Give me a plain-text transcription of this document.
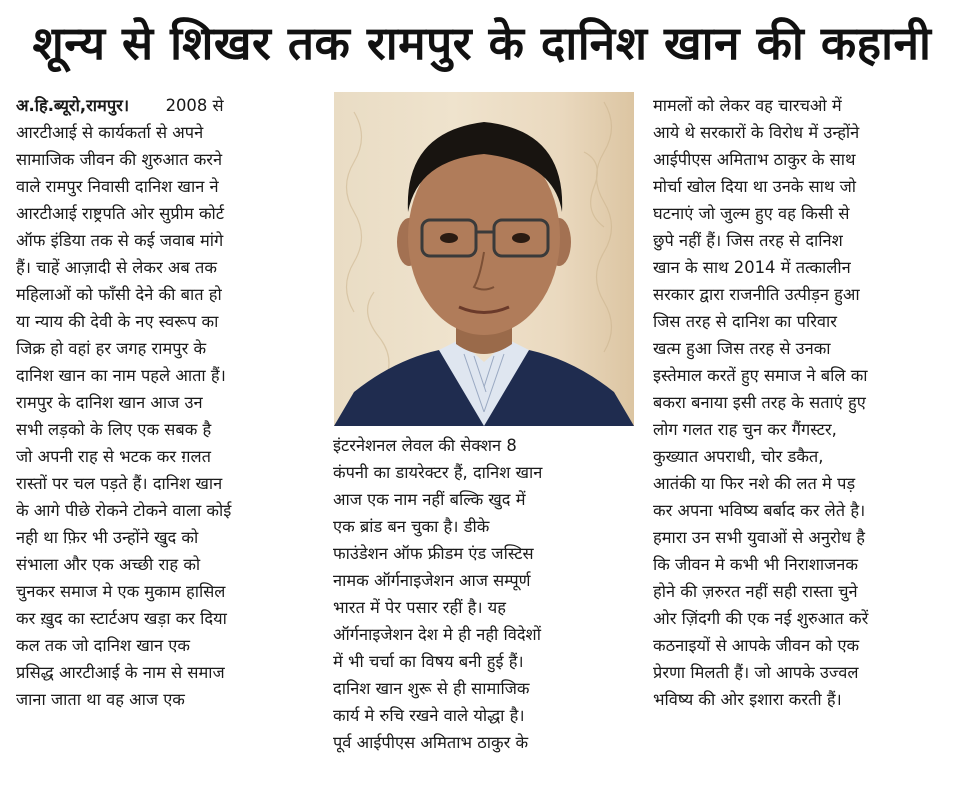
शून्य से शिखर तक रामपुर के दानिश खान की कहानी

अ.हि.ब्यूरो,रामपुर। 2008 से

आरटीआई से कार्यकर्ता से अपने

सामाजिक जीवन की शुरुआत करने

वाले रामपुर निवासी दानिश खान ने

आरटीआई राष्ट्रपति ओर सुप्रीम कोर्ट

ऑफ इंडिया तक से कई जवाब मांगे

हैं। चाहें आज़ादी से लेकर अब तक

महिलाओं को फाँसी देने की बात हो

या न्याय की देवी के नए स्वरूप का

जिक्र हो वहां हर जगह रामपुर के

दानिश खान का नाम पहले आता हैं।

रामपुर के दानिश खान आज उन

सभी लड़को के लिए एक सबक है

जो अपनी राह से भटक कर ग़लत

रास्तों पर चल पड़ते हैं। दानिश खान

के आगे पीछे रोकने टोकने वाला कोई

नही था फ़िर भी उन्होंने खुद को

संभाला और एक अच्छी राह को

चुनकर समाज मे एक मुकाम हासिल

कर ख़ुद का स्टार्टअप खड़ा कर दिया

कल तक जो दानिश खान एक

प्रसिद्ध आरटीआई के नाम से समाज

जाना जाता था वह आज एक

इंटरनेशनल लेवल की सेक्शन 8

कंपनी का डायरेक्टर हैं, दानिश खान

आज एक नाम नहीं बल्कि खुद में

एक ब्रांड बन चुका है। डीके

फाउंडेशन ऑफ फ्रीडम एंड जस्टिस

नामक ऑर्गनाइजेशन आज सम्पूर्ण

भारत में पेर पसार रहीं है। यह

ऑर्गनाइजेशन देश मे ही नही विदेशों

में भी चर्चा का विषय बनी हुई हैं।

दानिश खान शुरू से ही सामाजिक

कार्य मे रुचि रखने वाले योद्धा है।

पूर्व आईपीएस अमिताभ ठाकुर के

मामलों को लेकर वह चारचओ में

आये थे सरकारों के विरोध में उन्होंने

आईपीएस अमिताभ ठाकुर के साथ

मोर्चा खोल दिया था उनके साथ जो

घटनाएं जो जुल्म हुए वह किसी से

छुपे नहीं हैं। जिस तरह से दानिश

खान के साथ 2014 में तत्कालीन

सरकार द्वारा राजनीति उत्पीड़न हुआ

जिस तरह से दानिश का परिवार

खत्म हुआ जिस तरह से उनका

इस्तेमाल करतें हुए समाज ने बलि का

बकरा बनाया इसी तरह के सताएं हुए

लोग गलत राह चुन कर गैंगस्टर,

कुख्यात अपराधी, चोर डकैत,

आतंकी या फिर नशे की लत मे पड़

कर अपना भविष्य बर्बाद कर लेते है।

हमारा उन सभी युवाओं से अनुरोध है

कि जीवन मे कभी भी निराशाजनक

होने की ज़रुरत नहीं सही रास्ता चुने

ओर ज़िंदगी की एक नई शुरुआत करें

कठनाइयों से आपके जीवन को एक

प्रेरणा मिलती हैं। जो आपके उज्वल

भविष्य की ओर इशारा करती हैं।
